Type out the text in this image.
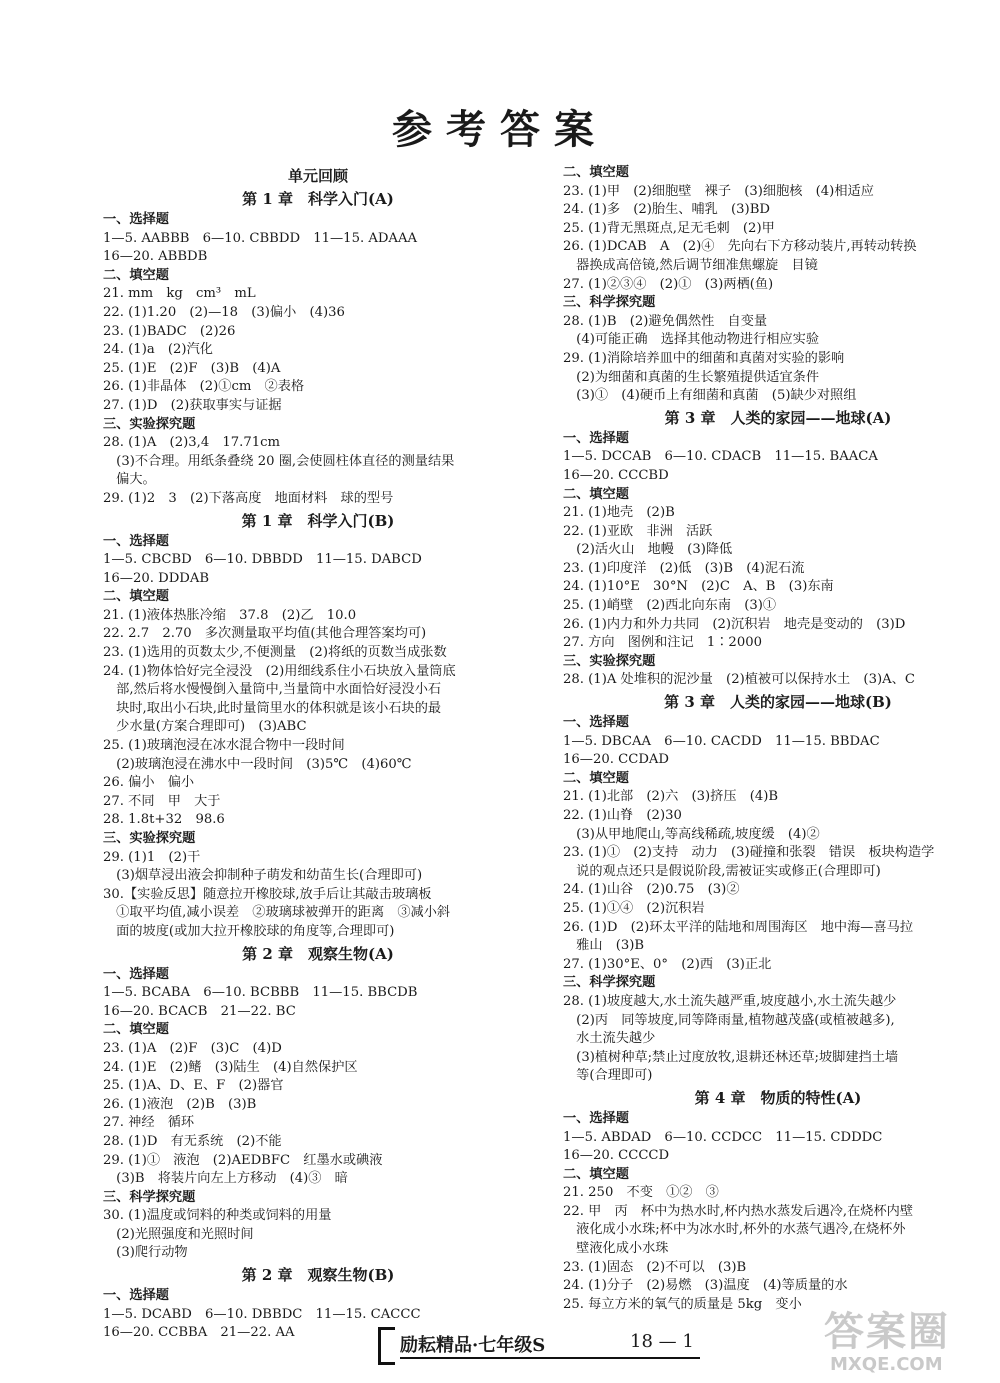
参考答案
单元回顾
第 1 章　科学入门(A)
一、选择题
1—5. AABBB　6—10. CBBDD　11—15. ADAAA
16—20. ABBDB
二、填空题
21. mm　kg　cm³　mL
22. (1)1.20　(2)—18　(3)偏小　(4)36
23. (1)BADC　(2)26
24. (1)a　(2)汽化
25. (1)E　(2)F　(3)B　(4)A
26. (1)非晶体　(2)①cm　②表格
27. (1)D　(2)获取事实与证据
三、实验探究题
28. (1)A　(2)3,4　17.71cm
　(3)不合理。用纸条叠绕 20 圈,会使圆柱体直径的测量结果
　偏大。
29. (1)2　3　(2)下落高度　地面材料　球的型号
第 1 章　科学入门(B)
一、选择题
1—5. CBCBD　6—10. DBBDD　11—15. DABCD
16—20. DDDAB
二、填空题
21. (1)液体热胀冷缩　37.8　(2)乙　10.0
22. 2.7　2.70　多次测量取平均值(其他合理答案均可)
23. (1)选用的页数太少,不便测量　(2)将纸的页数当成张数
24. (1)物体恰好完全浸没　(2)用细线系住小石块放入量筒底
　部,然后将水慢慢倒入量筒中,当量筒中水面恰好浸没小石
　块时,取出小石块,此时量筒里水的体积就是该小石块的最
　少水量(方案合理即可)　(3)ABC
25. (1)玻璃泡浸在冰水混合物中一段时间
　(2)玻璃泡浸在沸水中一段时间　(3)5℃　(4)60℃
26. 偏小　偏小
27. 不同　甲　大于
28. 1.8t+32　98.6
三、实验探究题
29. (1)1　(2)干
　(3)烟草浸出液会抑制种子萌发和幼苗生长(合理即可)
30.【实验反思】随意拉开橡胶球,放手后让其敲击玻璃板
　①取平均值,减小误差　②玻璃球被弹开的距离　③减小斜
　面的坡度(或加大拉开橡胶球的角度等,合理即可)
第 2 章　观察生物(A)
一、选择题
1—5. BCABA　6—10. BCBBB　11—15. BBCDB
16—20. BCACB　21—22. BC
二、填空题
23. (1)A　(2)F　(3)C　(4)D
24. (1)E　(2)鳍　(3)陆生　(4)自然保护区
25. (1)A、D、E、F　(2)器官
26. (1)液泡　(2)B　(3)B
27. 神经　循环
28. (1)D　有无系统　(2)不能
29. (1)①　液泡　(2)AEDBFC　红墨水或碘液
　(3)B　将装片向左上方移动　(4)③　暗
三、科学探究题
30. (1)温度或饲料的种类或饲料的用量
　(2)光照强度和光照时间
　(3)爬行动物
第 2 章　观察生物(B)
一、选择题
1—5. DCABD　6—10. DBBDC　11—15. CACCC
16—20. CCBBA　21—22. AA
二、填空题
23. (1)甲　(2)细胞壁　裸子　(3)细胞核　(4)相适应
24. (1)多　(2)胎生、哺乳　(3)BD
25. (1)背无黑斑点,足无毛刺　(2)甲
26. (1)DCAB　A　(2)④　先向右下方移动装片,再转动转换
　器换成高倍镜,然后调节细准焦螺旋　目镜
27. (1)②③④　(2)①　(3)两栖(鱼)
三、科学探究题
28. (1)B　(2)避免偶然性　自变量
　(4)可能正确　选择其他动物进行相应实验
29. (1)消除培养皿中的细菌和真菌对实验的影响
　(2)为细菌和真菌的生长繁殖提供适宜条件
　(3)①　(4)硬币上有细菌和真菌　(5)缺少对照组
第 3 章　人类的家园——地球(A)
一、选择题
1—5. DCCAB　6—10. CDACB　11—15. BAACA
16—20. CCCBD
二、填空题
21. (1)地壳　(2)B
22. (1)亚欧　非洲　活跃
　(2)活火山　地幔　(3)降低
23. (1)印度洋　(2)低　(3)B　(4)泥石流
24. (1)10°E　30°N　(2)C　A、B　(3)东南
25. (1)峭壁　(2)西北向东南　(3)①
26. (1)内力和外力共同　(2)沉积岩　地壳是变动的　(3)D
27. 方向　图例和注记　1∶2000
三、实验探究题
28. (1)A 处堆积的泥沙量　(2)植被可以保持水土　(3)A、C
第 3 章　人类的家园——地球(B)
一、选择题
1—5. DBCAA　6—10. CACDD　11—15. BBDAC
16—20. CCDAD
二、填空题
21. (1)北部　(2)六　(3)挤压　(4)B
22. (1)山脊　(2)30
　(3)从甲地爬山,等高线稀疏,坡度缓　(4)②
23. (1)①　(2)支持　动力　(3)碰撞和张裂　错误　板块构造学
　说的观点还只是假说阶段,需被证实或修正(合理即可)
24. (1)山谷　(2)0.75　(3)②
25. (1)①④　(2)沉积岩
26. (1)D　(2)环太平洋的陆地和周围海区　地中海—喜马拉
　雅山　(3)B
27. (1)30°E、0°　(2)西　(3)正北
三、科学探究题
28. (1)坡度越大,水土流失越严重,坡度越小,水土流失越少
　(2)丙　同等坡度,同等降雨量,植物越茂盛(或植被越多),
　水土流失越少
　(3)植树种草;禁止过度放牧,退耕还林还草;坡脚建挡土墙
　等(合理即可)
第 4 章　物质的特性(A)
一、选择题
1—5. ABDAD　6—10. CCDCC　11—15. CDDDC
16—20. CCCCD
二、填空题
21. 250　不变　①②　③
22. 甲　丙　杯中为热水时,杯内热水蒸发后遇冷,在烧杯内壁
　液化成小水珠;杯中为冰水时,杯外的水蒸气遇冷,在烧杯外
　壁液化成小水珠
23. (1)固态　(2)不可以　(3)B
24. (1)分子　(2)易燃　(3)温度　(4)等质量的水
25. 每立方米的氧气的质量是 5kg　变小
励耘精品·七年级S	18 — 1	答案圈
MXQE.COM
